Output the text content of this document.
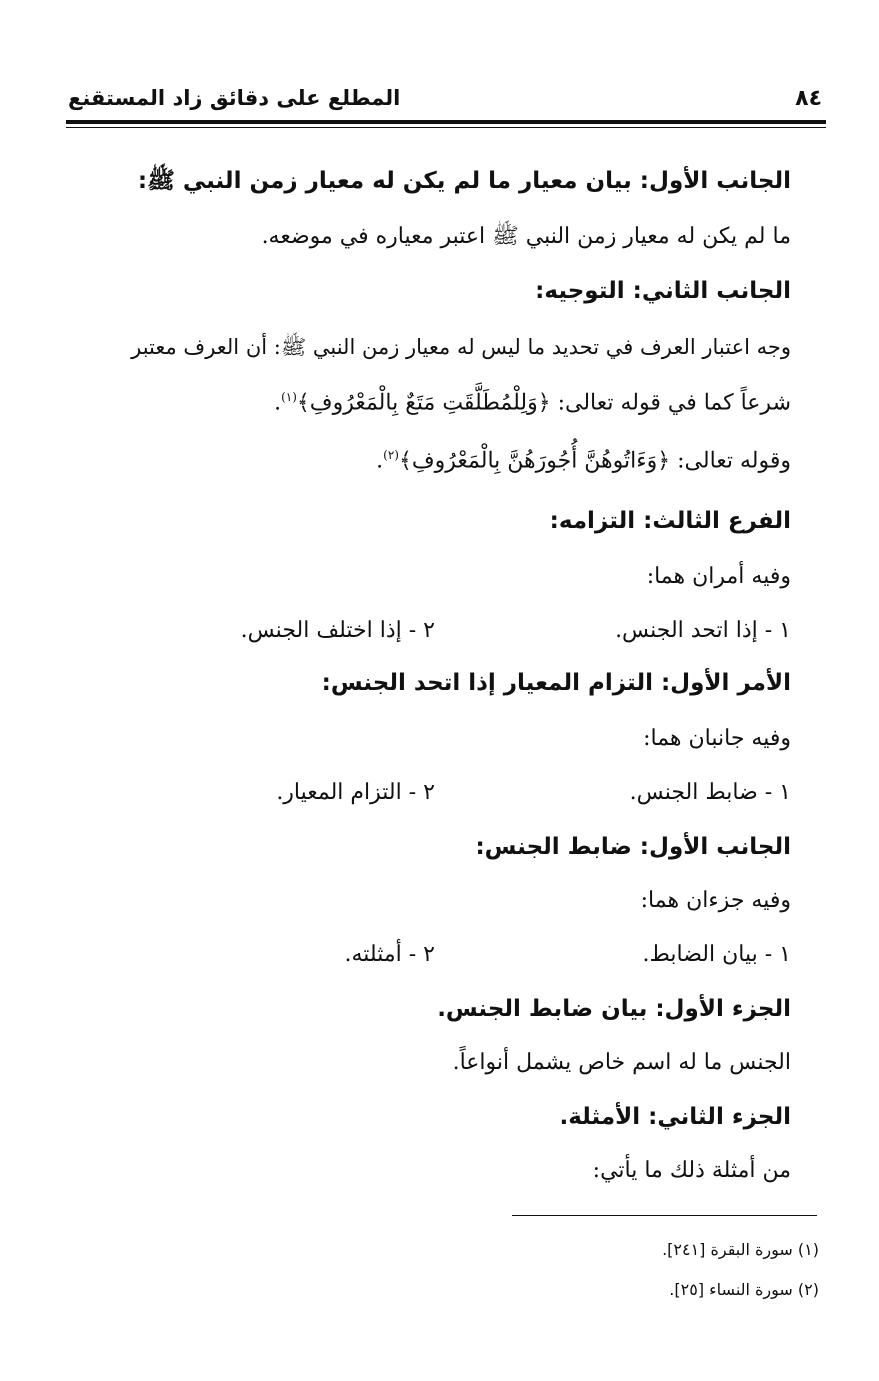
المطلع على دقائق زاد المستقنع	٨٤
الجانب الأول: بيان معيار ما لم يكن له معيار زمن النبي ﷺ:
ما لم يكن له معيار زمن النبي ﷺ اعتبر معياره في موضعه.
الجانب الثاني: التوجيه:
وجه اعتبار العرف في تحديد ما ليس له معيار زمن النبي ﷺ: أن العرف معتبر
شرعاً كما في قوله تعالى: ﴿وَلِلْمُطَلَّقَتِ مَتَعٌ بِالْمَعْرُوفِ﴾$^{(١)}$.
وقوله تعالى: ﴿وَءَاتُوهُنَّ أُجُورَهُنَّ بِالْمَعْرُوفِ﴾$^{(٢)}$.
الفرع الثالث: التزامه:
وفيه أمران هما:
١ - إذا اتحد الجنس.
٢ - إذا اختلف الجنس.
الأمر الأول: التزام المعيار إذا اتحد الجنس:
وفيه جانبان هما:
١ - ضابط الجنس.
٢ - التزام المعيار.
الجانب الأول: ضابط الجنس:
وفيه جزءان هما:
١ - بيان الضابط.
٢ - أمثلته.
الجزء الأول: بيان ضابط الجنس.
الجنس ما له اسم خاص يشمل أنواعاً.
الجزء الثاني: الأمثلة.
من أمثلة ذلك ما يأتي:
(١) سورة البقرة [٢٤١].
(٢) سورة النساء [٢٥].
